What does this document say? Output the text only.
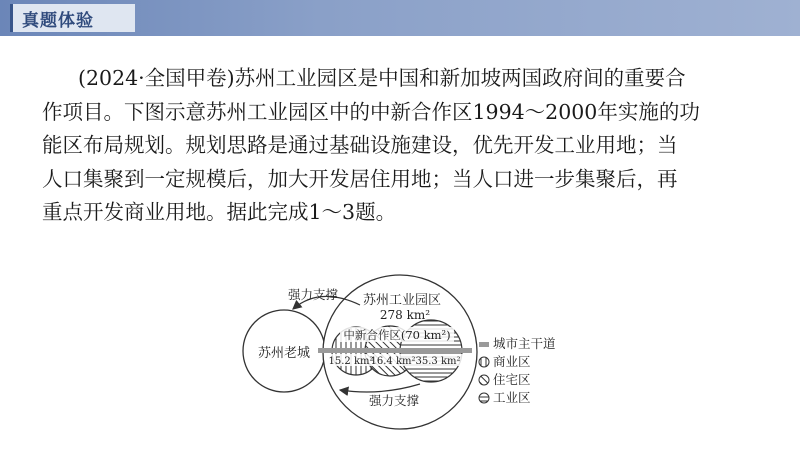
真题体验

(2024·全国甲卷)苏州工业园区是中国和新加坡两国政府间的重要合
作项目。下图示意苏州工业园区中的中新合作区1994～2000年实施的功
能区布局规划。规划思路是通过基础设施建设，优先开发工业用地；当
人口集聚到一定规模后，加大开发居住用地；当人口进一步集聚后，再
重点开发商业用地。据此完成1～3题。

苏州老城
苏州工业园区
278 km²
中新合作区(70 km²)
15.2 km²
16.4 km² 35.3 km²
强力支撑
强力支撑
城市主干道
商业区
住宅区
工业区
